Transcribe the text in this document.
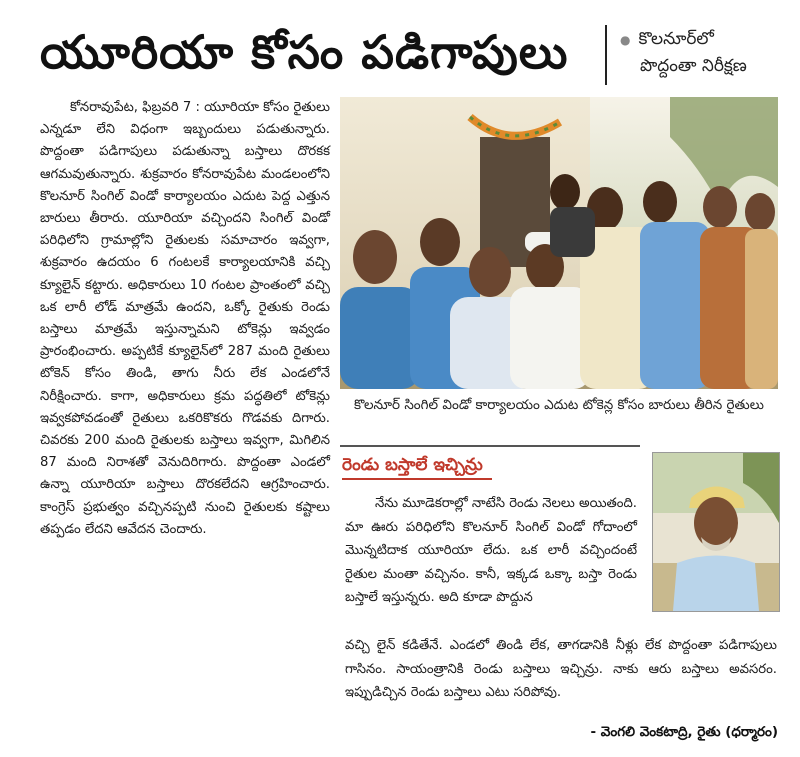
యూరియా కోసం పడిగాపులు	● కొలనూర్‌లో
పొద్దంతా నిరీక్షణ

కోనరావుపేట, ఫిబ్రవరి 7 : యూరియా కోసం రైతులు ఎన్నడూ లేని విధంగా ఇబ్బందులు పడుతున్నారు. పొద్దంతా పడిగాపులు పడుతున్నా బస్తాలు దొరకక ఆగమవుతున్నారు. శుక్రవారం కోనరావుపేట మండలంలోని కొలనూర్ సింగిల్ విండో కార్యాలయం ఎదుట పెద్ద ఎత్తున బారులు తీరారు. యూరియా వచ్చిందని సింగిల్ విండో పరిధిలోని గ్రామాల్లోని రైతులకు సమాచారం ఇవ్వగా, శుక్రవారం ఉదయం 6 గంటలకే కార్యాలయానికి వచ్చి క్యూలైన్ కట్టారు. అధికారులు 10 గంటల ప్రాంతంలో వచ్చి ఒక లారీ లోడ్ మాత్రమే ఉందని, ఒక్కో రైతుకు రెండు బస్తాలు మాత్రమే ఇస్తున్నామని టోకెన్లు ఇవ్వడం ప్రారంభించారు. అప్పటికే క్యూలైన్‌లో 287 మంది రైతులు టోకెన్ కోసం తిండి, తాగు నీరు లేక ఎండలోనే నిరీక్షించారు. కాగా, అధికారులు క్రమ పద్ధతిలో టోకెన్లు ఇవ్వకపోవడంతో రైతులు ఒకరికొకరు గొడవకు దిగారు. చివరకు 200 మంది రైతులకు బస్తాలు ఇవ్వగా, మిగిలిన 87 మంది నిరాశతో వెనుదిరిగారు. పొద్దంతా ఎండలో ఉన్నా యూరియా బస్తాలు దొరకలేదని ఆగ్రహించారు. కాంగ్రెస్ ప్రభుత్వం వచ్చినప్పటి నుంచి రైతులకు కష్టాలు తప్పడం లేదని ఆవేదన చెందారు.

కొలనూర్ సింగిల్ విండో కార్యాలయం ఎదుట టోకెన్ల కోసం బారులు తీరిన రైతులు
రెండు బస్తాలే ఇచ్చిన్రు

నేను మూడెకరాల్లో నాటేసి రెండు నెలలు అయితంది. మా ఊరు పరిధిలోని కొలనూర్ సింగిల్ విండో గోదాంలో మొన్నటిదాక యూరియా లేదు. ఒక లారీ వచ్చిందంటే రైతుల మంతా వచ్చినం. కానీ, ఇక్కడ ఒక్కా బస్తా రెండు బస్తాలే ఇస్తున్నరు. అది కూడా పొద్దున

వచ్చి లైన్ కడితేనే. ఎండలో తిండి లేక, తాగడానికి నీళ్లు లేక పొద్దంతా పడిగాపులు గాసినం. సాయంత్రానికి రెండు బస్తాలు ఇచ్చిన్రు. నాకు ఆరు బస్తాలు అవసరం. ఇప్పుడిచ్చిన రెండు బస్తాలు ఎటు సరిపోవు.

- వెంగలి వెంకటాద్రి, రైతు (ధర్మారం)
